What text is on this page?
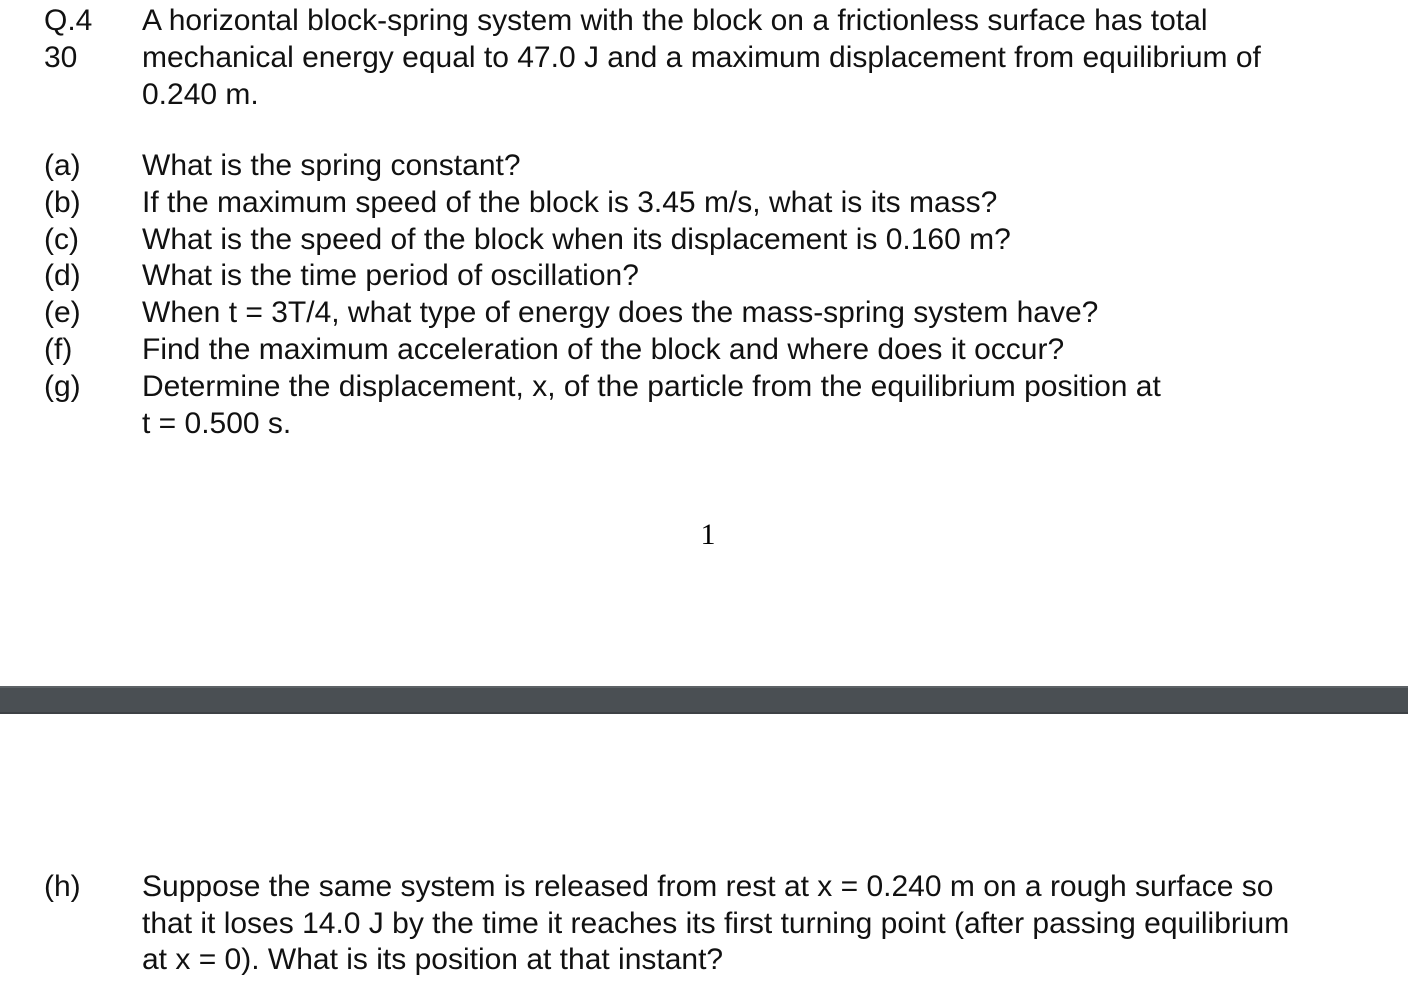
Q.4
30
A horizontal block-spring system with the block on a frictionless surface has total
mechanical energy equal to 47.0 J and a maximum displacement from equilibrium of
0.240 m.
(a)	What is the spring constant?
(b)	If the maximum speed of the block is 3.45 m/s, what is its mass?
(c)	What is the speed of the block when its displacement is 0.160 m?
(d)	What is the time period of oscillation?
(e)	When t = 3T/4, what type of energy does the mass-spring system have?
(f)	Find the maximum acceleration of the block and where does it occur?
(g)	Determine the displacement, x, of the particle from the equilibrium position at
t = 0.500 s.
1
(h)	Suppose the same system is released from rest at x = 0.240 m on a rough surface so
that it loses 14.0 J by the time it reaches its first turning point (after passing equilibrium
at x = 0). What is its position at that instant?
